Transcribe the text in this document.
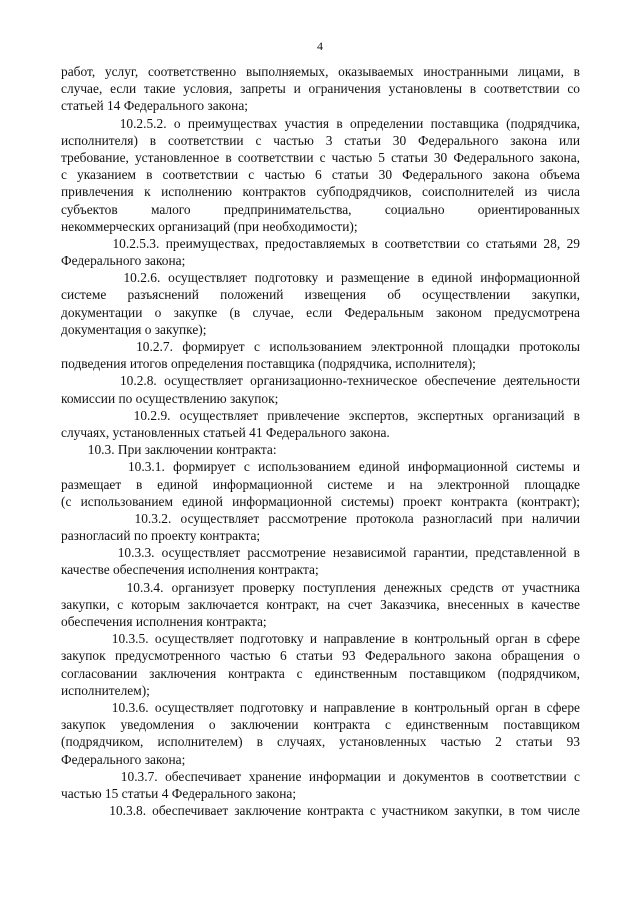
4
работ, услуг, соответственно выполняемых, оказываемых иностранными лицами, в
случае, если такие условия, запреты и ограничения установлены в соответствии со
статьей 14 Федерального закона;
10.2.5.2. о преимуществах участия в определении поставщика (подрядчика,
исполнителя) в соответствии с частью 3 статьи 30 Федерального закона или
требование, установленное в соответствии с частью 5 статьи 30 Федерального закона,
с указанием в соответствии с частью 6 статьи 30 Федерального закона объема
привлечения к исполнению контрактов субподрядчиков, соисполнителей из числа
субъектов малого предпринимательства, социально ориентированных
некоммерческих организаций (при необходимости);
10.2.5.3. преимуществах, предоставляемых в соответствии со статьями 28, 29
Федерального закона;
10.2.6. осуществляет подготовку и размещение в единой информационной
системе разъяснений положений извещения об осуществлении закупки,
документации о закупке (в случае, если Федеральным законом предусмотрена
документация о закупке);
10.2.7. формирует с использованием электронной площадки протоколы
подведения итогов определения поставщика (подрядчика, исполнителя);
10.2.8. осуществляет организационно-техническое обеспечение деятельности
комиссии по осуществлению закупок;
10.2.9. осуществляет привлечение экспертов, экспертных организаций в
случаях, установленных статьей 41 Федерального закона.
10.3. При заключении контракта:
10.3.1. формирует с использованием единой информационной системы и
размещает в единой информационной системе и на электронной площадке
(с использованием единой информационной системы) проект контракта (контракт);
10.3.2. осуществляет рассмотрение протокола разногласий при наличии
разногласий по проекту контракта;
10.3.3. осуществляет рассмотрение независимой гарантии, представленной в
качестве обеспечения исполнения контракта;
10.3.4. организует проверку поступления денежных средств от участника
закупки, с которым заключается контракт, на счет Заказчика, внесенных в качестве
обеспечения исполнения контракта;
10.3.5. осуществляет подготовку и направление в контрольный орган в сфере
закупок предусмотренного частью 6 статьи 93 Федерального закона обращения о
согласовании заключения контракта с единственным поставщиком (подрядчиком,
исполнителем);
10.3.6. осуществляет подготовку и направление в контрольный орган в сфере
закупок уведомления о заключении контракта с единственным поставщиком
(подрядчиком, исполнителем) в случаях, установленных частью 2 статьи 93
Федерального закона;
10.3.7. обеспечивает хранение информации и документов в соответствии с
частью 15 статьи 4 Федерального закона;
10.3.8. обеспечивает заключение контракта с участником закупки, в том числе
